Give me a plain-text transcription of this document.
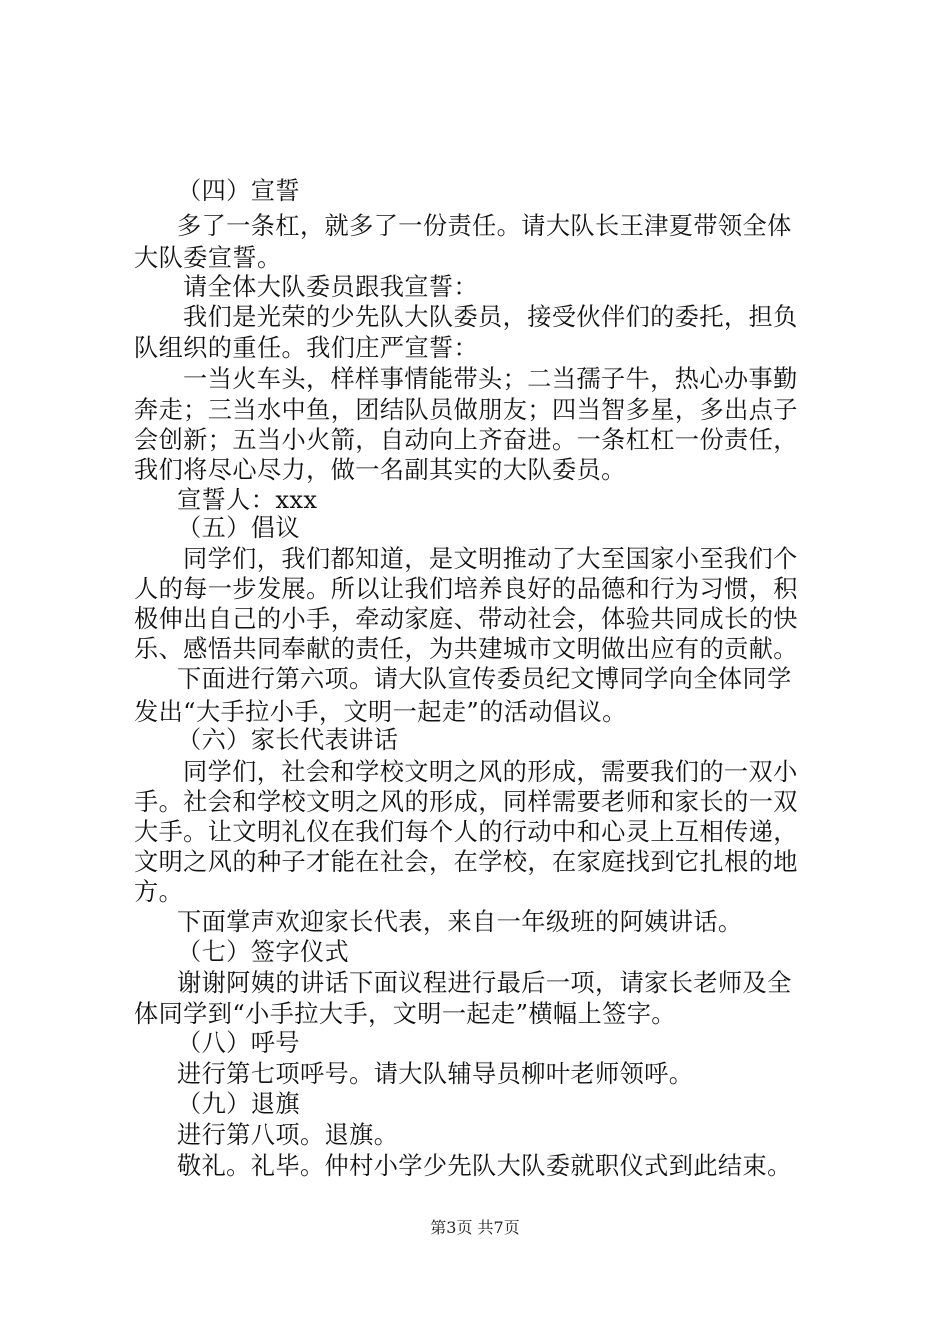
（四）宣誓
多了一条杠，就多了一份责任。请大队长王津夏带领全体
大队委宣誓。
请全体大队委员跟我宣誓：
我们是光荣的少先队大队委员，接受伙伴们的委托，担负
队组织的重任。我们庄严宣誓：
一当火车头，样样事情能带头；二当孺子牛，热心办事勤
奔走；三当水中鱼，团结队员做朋友；四当智多星，多出点子
会创新；五当小火箭，自动向上齐奋进。一条杠杠一份责任，
我们将尽心尽力，做一名副其实的大队委员。
宣誓人：xxx
（五）倡议
同学们，我们都知道，是文明推动了大至国家小至我们个
人的每一步发展。所以让我们培养良好的品德和行为习惯，积
极伸出自己的小手，牵动家庭、带动社会，体验共同成长的快
乐、感悟共同奉献的责任，为共建城市文明做出应有的贡献。
下面进行第六项。请大队宣传委员纪文博同学向全体同学
发出“大手拉小手，文明一起走”的活动倡议。
（六）家长代表讲话
同学们，社会和学校文明之风的形成，需要我们的一双小
手。社会和学校文明之风的形成，同样需要老师和家长的一双
大手。让文明礼仪在我们每个人的行动中和心灵上互相传递，
文明之风的种子才能在社会，在学校，在家庭找到它扎根的地
方。
下面掌声欢迎家长代表，来自一年级班的阿姨讲话。
（七）签字仪式
谢谢阿姨的讲话下面议程进行最后一项，请家长老师及全
体同学到“小手拉大手，文明一起走”横幅上签字。
（八）呼号
进行第七项呼号。请大队辅导员柳叶老师领呼。
（九）退旗
进行第八项。退旗。
敬礼。礼毕。仲村小学少先队大队委就职仪式到此结束。
第3页 共7页
